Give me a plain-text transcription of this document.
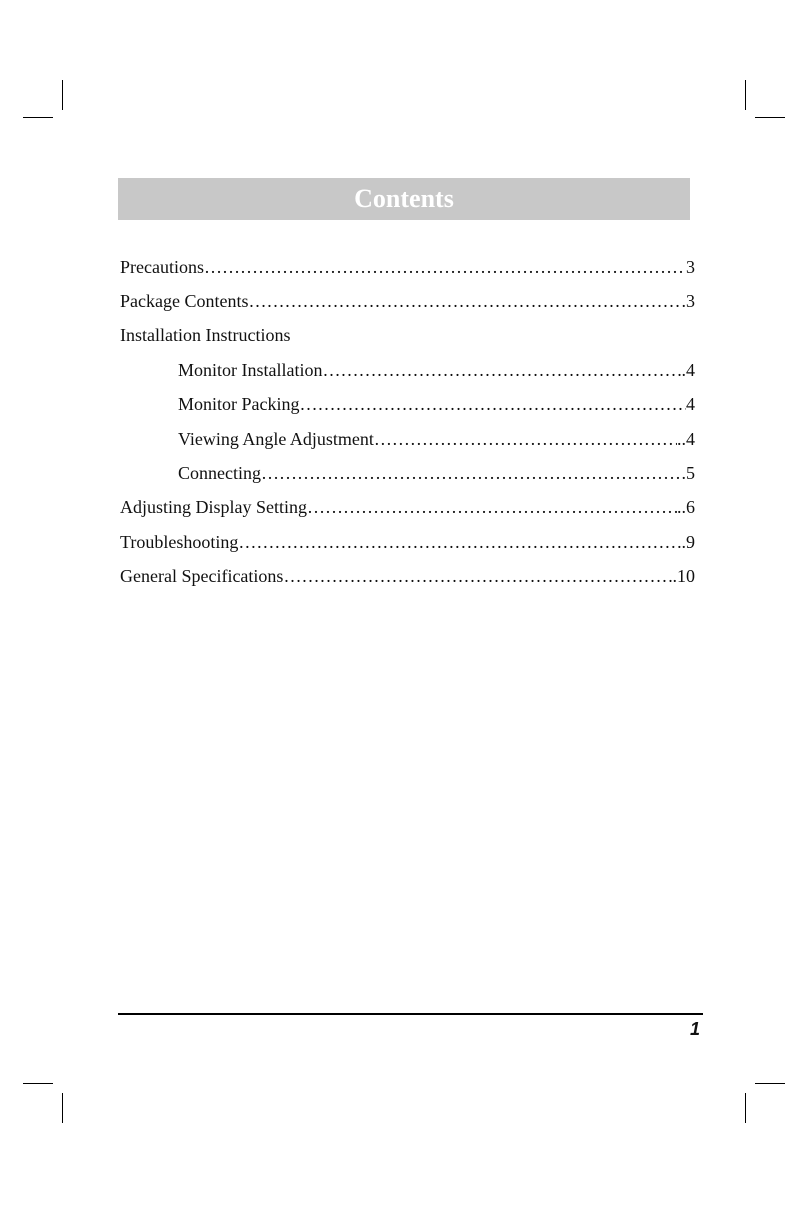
Contents
Precautions ……………………………………………………………………………………………………………………	3
Package Contents ……………………………………………………………………………………………………………………	.3
Installation Instructions
Monitor Installation ……………………………………………………………………………………………………………………	.4
Monitor Packing ……………………………………………………………………………………………………………………	4
Viewing Angle Adjustment ……………………………………………………………………………………………………………………	..4
Connecting ……………………………………………………………………………………………………………………	.5
Adjusting Display Setting ……………………………………………………………………………………………………………………	..6
Troubleshooting ……………………………………………………………………………………………………………………	.9
General Specifications ……………………………………………………………………………………………………………………	.10
1
